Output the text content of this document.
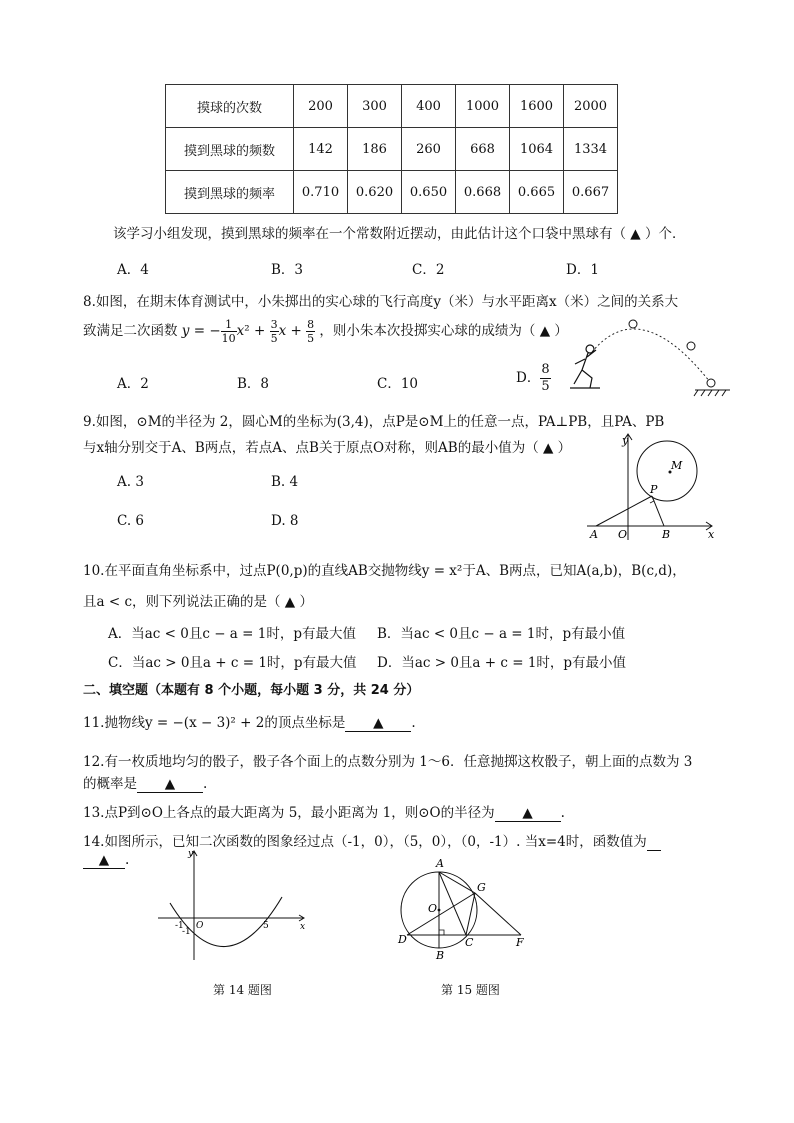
摸球的次数	200	300	400	1000	1600	2000
摸到黑球的频数	142	186	260	668	1064	1334
摸到黑球的频率	0.710	0.620	0.650	0.668	0.665	0.667
该学习小组发现，摸到黑球的频率在一个常数附近摆动，由此估计这个口袋中黑球有（ ▲ ）个．
A．4	B．3	C．2	D．1
8.如图，在期末体育测试中，小朱掷出的实心球的飞行高度y（米）与水平距离x（米）之间的关系大
致满足二次函数 y = − $\frac{1}{10} x^2 + \frac{3}{5}$ $x + \frac{8}{5}$ ，则小朱本次投掷实心球的成绩为（ ▲ ）
A．2	B．8	C．10	D． $\frac{8}{5}$
9.如图，⊙M的半径为 2，圆心M的坐标为(3,4)，点P是⊙M上的任意一点，PA⊥PB，且PA、PB
与x轴分别交于A、B两点，若点A、点B关于原点O对称，则AB的最小值为（ ▲ ）
A. 3	B. 4
C. 6	D. 8
y
x
M
P
A O	B
10.在平面直角坐标系中，过点P(0,p)的直线AB交抛物线y = x²于A、B两点，已知A(a,b)，B(c,d)，
且a < c，则下列说法正确的是（ ▲ ）
A．当ac < 0且c − a = 1时，p有最大值 B．当ac < 0且c − a = 1时，p有最小值
C．当ac > 0且a + c = 1时，p有最大值 D．当ac > 0且a + c = 1时，p有最小值
二、填空题（本题有 8 个小题，每小题 3 分，共 24 分）
11.抛物线y = −(x − 3)² + 2的顶点坐标是 ▲ .
12.有一枚质地均匀的骰子，骰子各个面上的点数分别为 1～6．任意抛掷这枚骰子，朝上面的点数为 3
的概率是 ▲ .
13.点P到⊙O上各点的最大距离为 5，最小距离为 1，则⊙O的半径为 ▲ .
14.如图所示，已知二次函数的图象经过点（-1，0），（5，0），（0，-1）. 当x=4时，函数值为
▲ .	y
x
O
-1	5
-1
第 14 题图
A
G
O
D	C	F
B
第 15 题图
